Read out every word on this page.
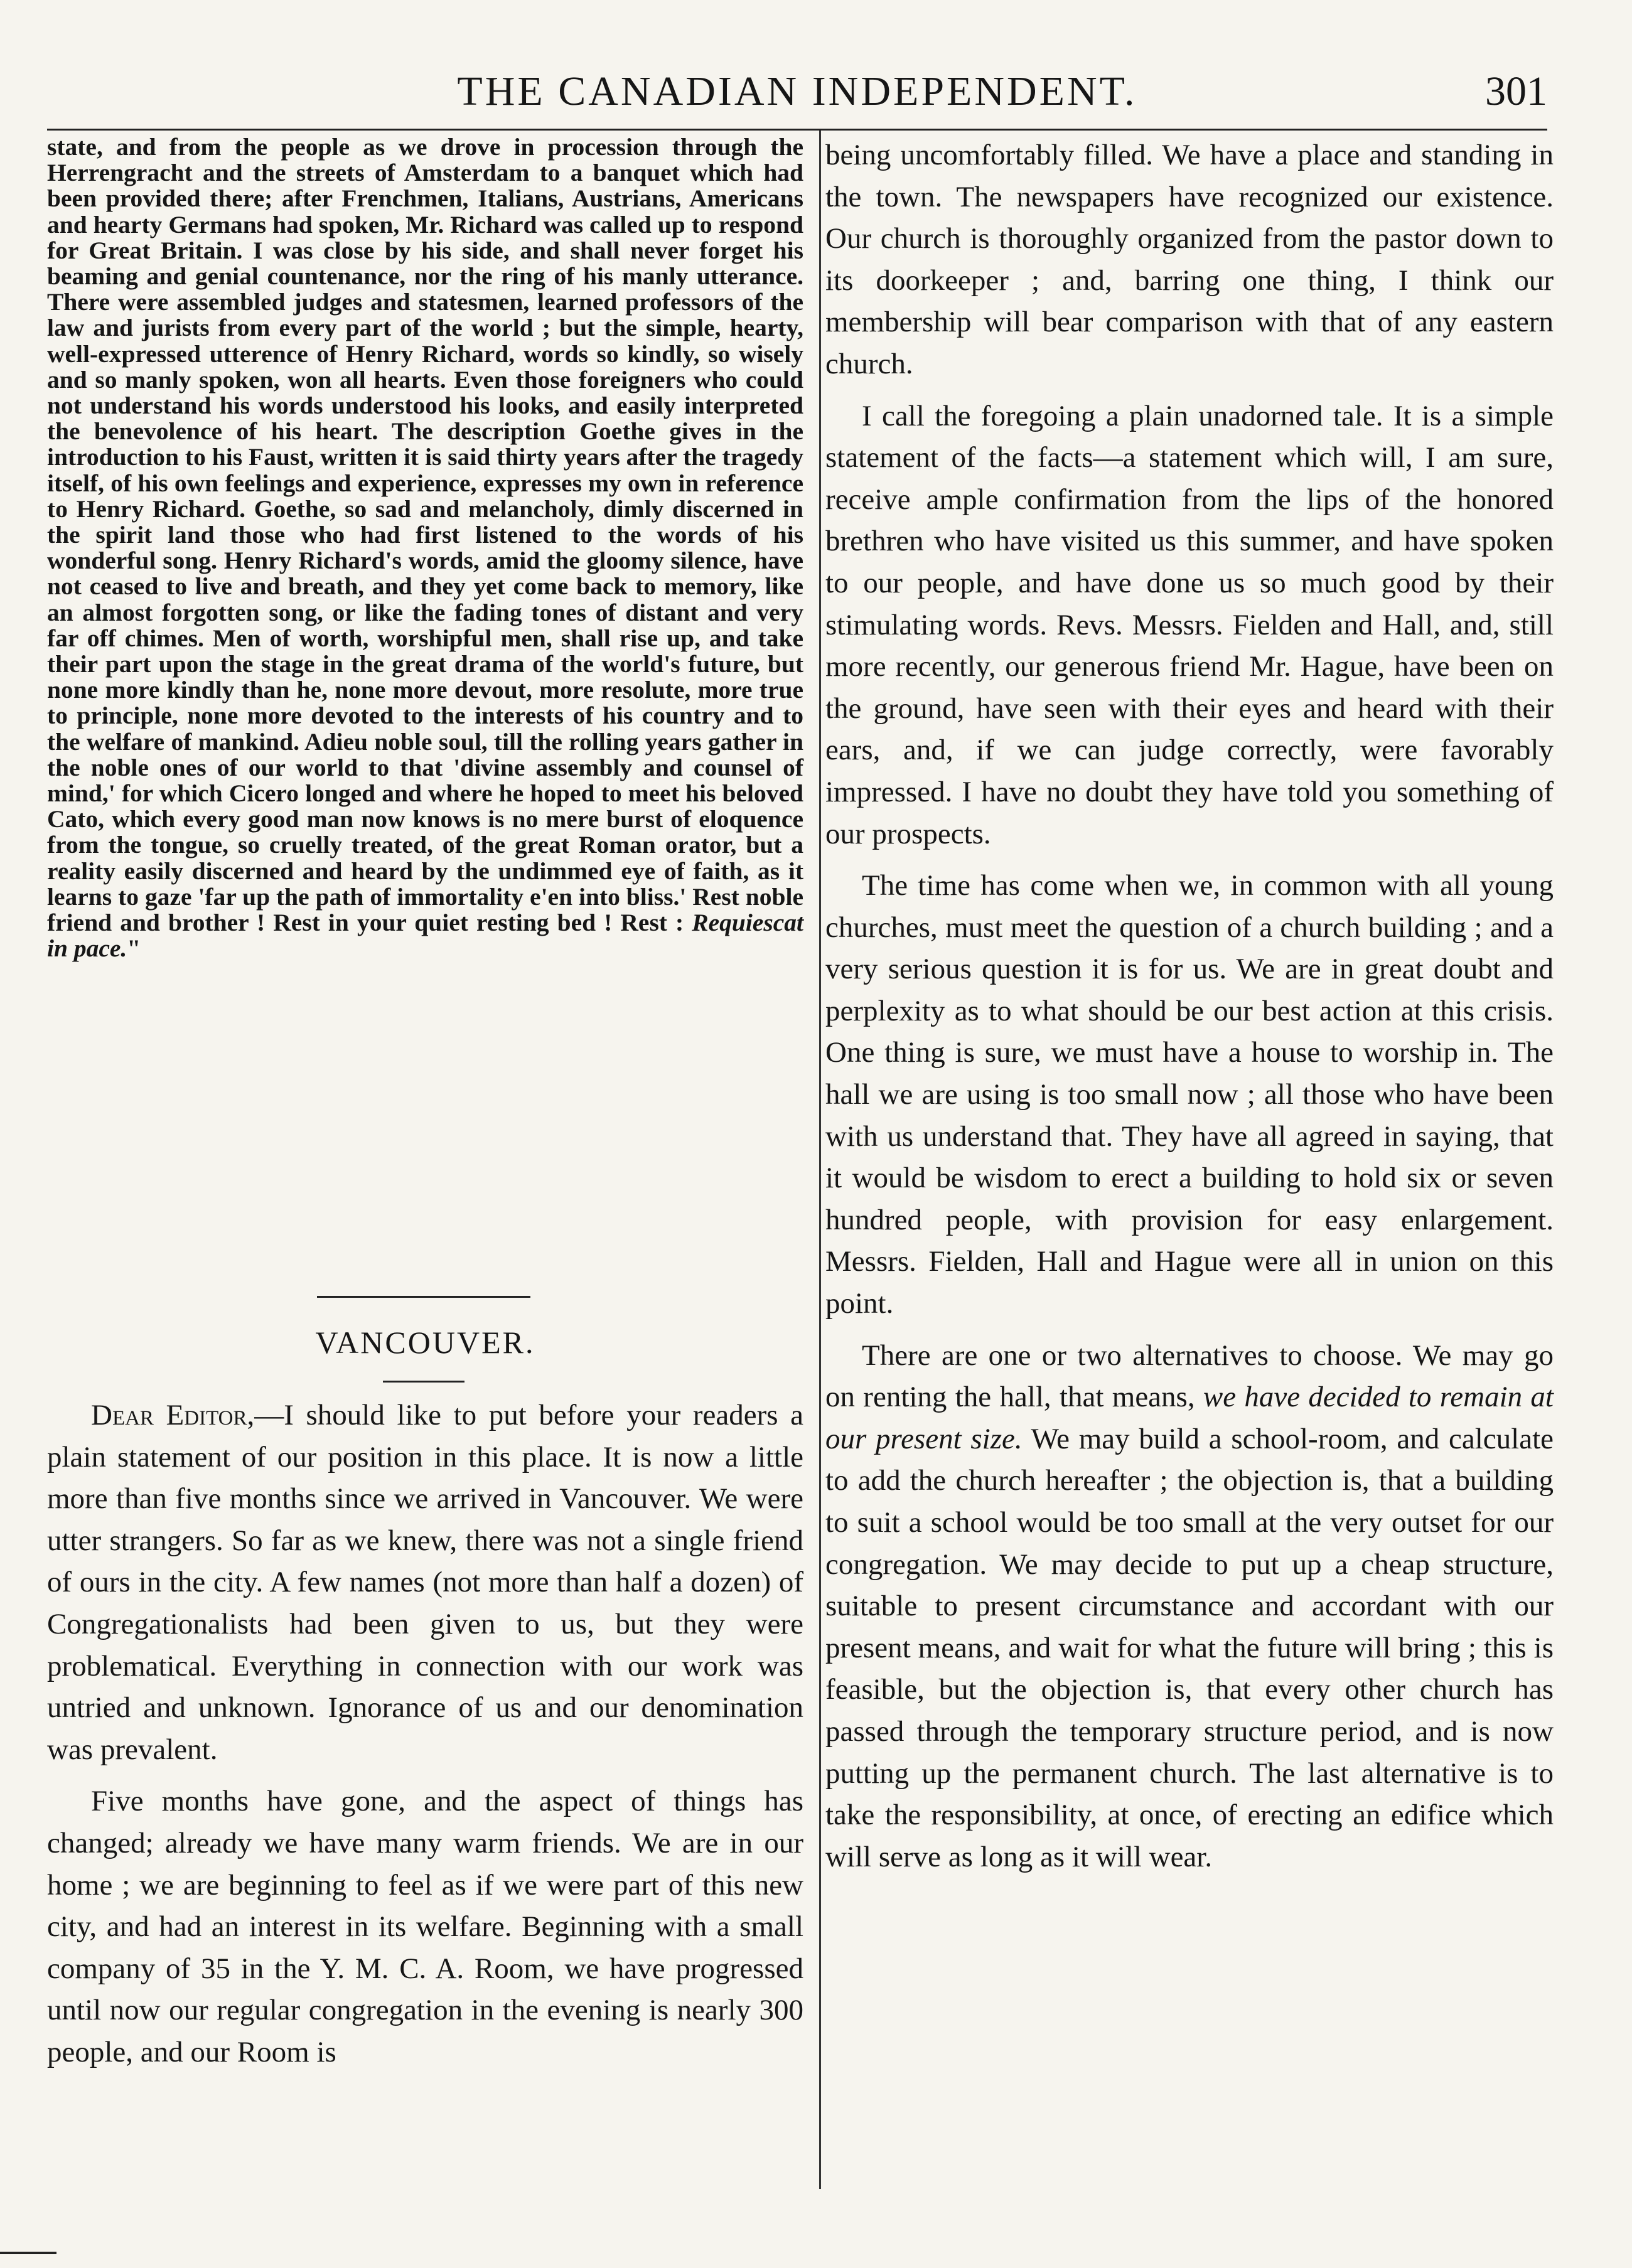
THE CANADIAN INDEPENDENT.	301

state, and from the people as we drove in procession through the Herrengracht and the streets of Amsterdam to a banquet which had been provided there; after Frenchmen, Italians, Austrians, Americans and hearty Germans had spoken, Mr. Richard was called up to respond for Great Britain. I was close by his side, and shall never forget his beaming and genial countenance, nor the ring of his manly utterance. There were assembled judges and statesmen, learned professors of the law and jurists from every part of the world ; but the simple, hearty, well-expressed utterence of Henry Richard, words so kindly, so wisely and so manly spoken, won all hearts. Even those foreigners who could not understand his words understood his looks, and easily interpreted the benevolence of his heart. The description Goethe gives in the introduction to his Faust, written it is said thirty years after the tragedy itself, of his own feelings and experience, expresses my own in reference to Henry Richard. Goethe, so sad and melancholy, dimly discerned in the spirit land those who had first listened to the words of his wonderful song. Henry Richard's words, amid the gloomy silence, have not ceased to live and breath, and they yet come back to memory, like an almost forgotten song, or like the fading tones of distant and very far off chimes. Men of worth, worshipful men, shall rise up, and take their part upon the stage in the great drama of the world's future, but none more kindly than he, none more devout, more resolute, more true to principle, none more devoted to the interests of his country and to the welfare of mankind. Adieu noble soul, till the rolling years gather in the noble ones of our world to that 'divine assembly and counsel of mind,' for which Cicero longed and where he hoped to meet his beloved Cato, which every good man now knows is no mere burst of eloquence from the tongue, so cruelly treated, of the great Roman orator, but a reality easily discerned and heard by the undimmed eye of faith, as it learns to gaze 'far up the path of immortality e'en into bliss.' Rest noble friend and brother ! Rest in your quiet resting bed ! Rest : Requiescat in pace."

VANCOUVER.

Dear Editor,—I should like to put before your readers a plain statement of our position in this place. It is now a little more than five months since we arrived in Vancouver. We were utter strangers. So far as we knew, there was not a single friend of ours in the city. A few names (not more than half a dozen) of Congregationalists had been given to us, but they were problematical. Everything in connection with our work was untried and unknown. Ignorance of us and our denomination was prevalent.

Five months have gone, and the aspect of things has changed; already we have many warm friends. We are in our home ; we are beginning to feel as if we were part of this new city, and had an interest in its welfare. Beginning with a small company of 35 in the Y. M. C. A. Room, we have progressed until now our regular congregation in the evening is nearly 300 people, and our Room is

being uncomfortably filled. We have a place and standing in the town. The newspapers have recognized our existence. Our church is thoroughly organized from the pastor down to its doorkeeper ; and, barring one thing, I think our membership will bear comparison with that of any eastern church.

I call the foregoing a plain unadorned tale. It is a simple statement of the facts—a statement which will, I am sure, receive ample confirmation from the lips of the honored brethren who have visited us this summer, and have spoken to our people, and have done us so much good by their stimulating words. Revs. Messrs. Fielden and Hall, and, still more recently, our generous friend Mr. Hague, have been on the ground, have seen with their eyes and heard with their ears, and, if we can judge correctly, were favorably impressed. I have no doubt they have told you something of our prospects.

The time has come when we, in common with all young churches, must meet the question of a church building ; and a very serious question it is for us. We are in great doubt and perplexity as to what should be our best action at this crisis. One thing is sure, we must have a house to worship in. The hall we are using is too small now ; all those who have been with us understand that. They have all agreed in saying, that it would be wisdom to erect a building to hold six or seven hundred people, with provision for easy enlargement. Messrs. Fielden, Hall and Hague were all in union on this point.

There are one or two alternatives to choose. We may go on renting the hall, that means, we have decided to remain at our present size. We may build a school-room, and calculate to add the church hereafter ; the objection is, that a building to suit a school would be too small at the very outset for our congregation. We may decide to put up a cheap structure, suitable to present circumstance and accordant with our present means, and wait for what the future will bring ; this is feasible, but the objection is, that every other church has passed through the temporary structure period, and is now putting up the permanent church. The last alternative is to take the responsibility, at once, of erecting an edifice which will serve as long as it will wear.
